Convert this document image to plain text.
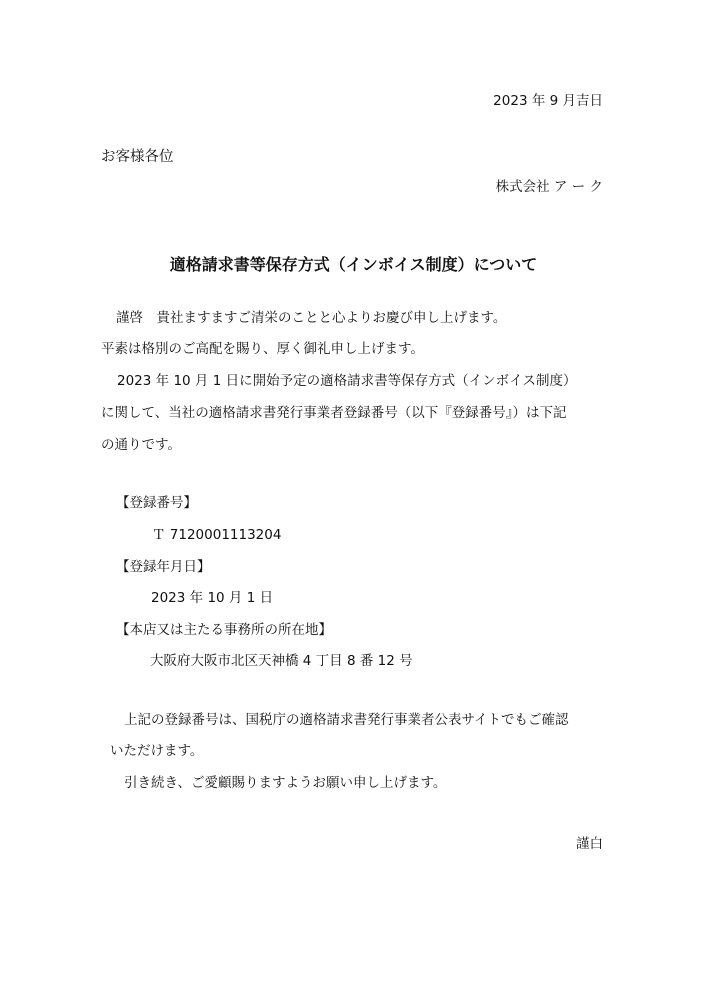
2023 年 9 月吉日
お客様各位
株式会社 ア ー ク
適格請求書等保存方式（インボイス制度）について
謹啓　貴社ますますご清栄のことと心よりお慶び申し上げます。
平素は格別のご高配を賜り、厚く御礼申し上げます。
2023 年 10 月 1 日に開始予定の適格請求書等保存方式（インボイス制度）
に関して、当社の適格請求書発行事業者登録番号（以下『登録番号』）は下記
の通りです。
【登録番号】
Ｔ 7120001113204
【登録年月日】
2023 年 10 月 1 日
【本店又は主たる事務所の所在地】
大阪府大阪市北区天神橋 4 丁目 8 番 12 号
上記の登録番号は、国税庁の適格請求書発行事業者公表サイトでもご確認
いただけます。
引き続き、ご愛顧賜りますようお願い申し上げます。
謹白
